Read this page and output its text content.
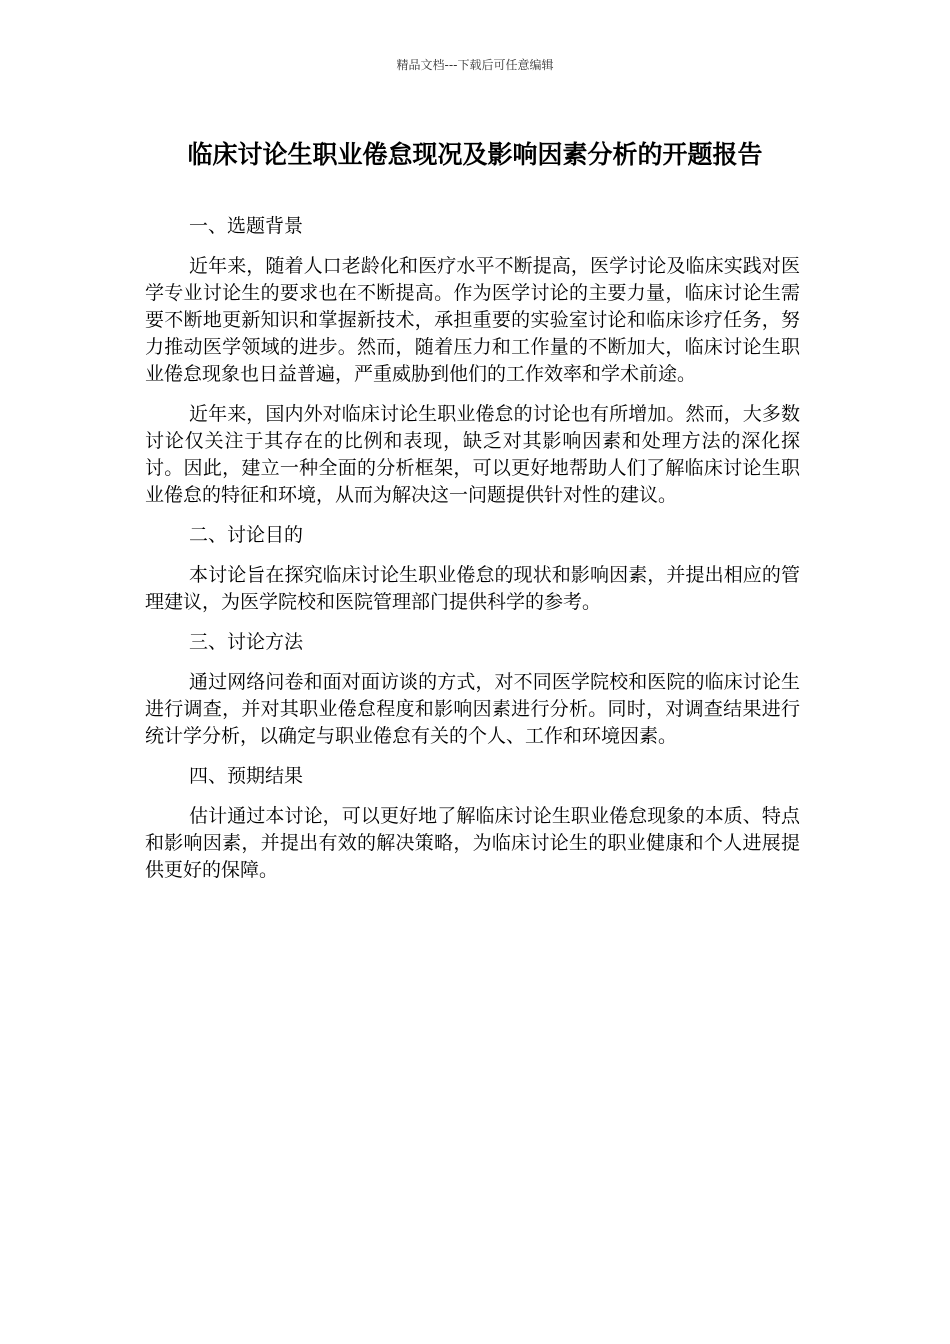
精品文档---下载后可任意编辑
临床讨论生职业倦怠现况及影响因素分析的开题报告

一、选题背景

近年来，随着人口老龄化和医疗水平不断提高，医学讨论及临床实践对医学专业讨论生的要求也在不断提高。作为医学讨论的主要力量，临床讨论生需要不断地更新知识和掌握新技术，承担重要的实验室讨论和临床诊疗任务，努力推动医学领域的进步。然而，随着压力和工作量的不断加大，临床讨论生职业倦怠现象也日益普遍，严重威胁到他们的工作效率和学术前途。

近年来，国内外对临床讨论生职业倦怠的讨论也有所增加。然而，大多数讨论仅关注于其存在的比例和表现，缺乏对其影响因素和处理方法的深化探讨。因此，建立一种全面的分析框架，可以更好地帮助人们了解临床讨论生职业倦怠的特征和环境，从而为解决这一问题提供针对性的建议。

二、讨论目的

本讨论旨在探究临床讨论生职业倦怠的现状和影响因素，并提出相应的管理建议，为医学院校和医院管理部门提供科学的参考。

三、讨论方法

通过网络问卷和面对面访谈的方式，对不同医学院校和医院的临床讨论生进行调查，并对其职业倦怠程度和影响因素进行分析。同时，对调查结果进行统计学分析，以确定与职业倦怠有关的个人、工作和环境因素。

四、预期结果

估计通过本讨论，可以更好地了解临床讨论生职业倦怠现象的本质、特点和影响因素，并提出有效的解决策略，为临床讨论生的职业健康和个人进展提供更好的保障。
